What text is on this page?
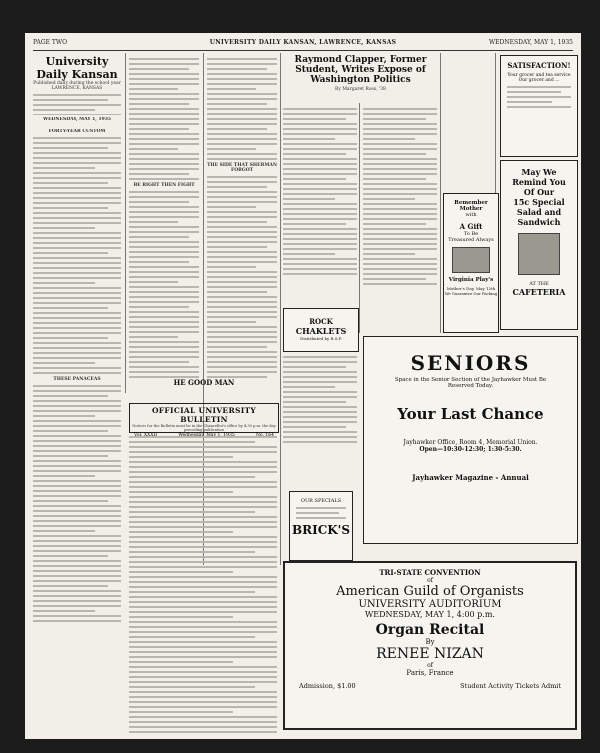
PAGE TWO	UNIVERSITY DAILY KANSAN, LAWRENCE, KANSAS	WEDNESDAY, MAY 1, 1935
University Daily Kansan
Published daily during the school year
LAWRENCE, KANSAS
WEDNESDAY, MAY 1, 1935
FORTY-YEAR CUSTOM
THESE PANACEAS
BE RIGHT THEN FIGHT
THE SIDE THAT SHERMAN FORGOT
HE GOOD MAN
OFFICIAL UNIVERSITY BULLETIN
Notices for the Bulletin must be in the Chancellor's office by 4:30 p.m. the day preceding publication
Raymond Clapper, Former Student, Writes Expose of Washington Politics
By Margaret Ross, '38
ROCK
CHAKLETS
Distributed by R.S.P.
OUR SPECIALS
BRICK'S
SATISFACTION!
Your grocer and tea service
Our grocer and ...
May We
Remind You
Of Our
15c Special
Salad and
Sandwich
AT THE
CAFETERIA
Remember Mother
with
A Gift
To Be
Treasured Always
Virginia Play's
Mother's Day, May 12th
We Guarantee Our Packing
SENIORS
Space in the Senior Section of the Jayhawker Must Be Reserved Today.
Your Last Chance
Jayhawker Office, Room 4, Memorial Union.
Open—10:30-12:30; 1:30-5:30.
Jayhawker Magazine - Annual
TRI-STATE CONVENTION
of
American Guild of Organists
UNIVERSITY AUDITORIUM
WEDNESDAY, MAY 1, 4:00 p.m.
Organ Recital
By
RENEE NIZAN
of
Paris, France
Admission, $1.00	Student Activity Tickets Admit
